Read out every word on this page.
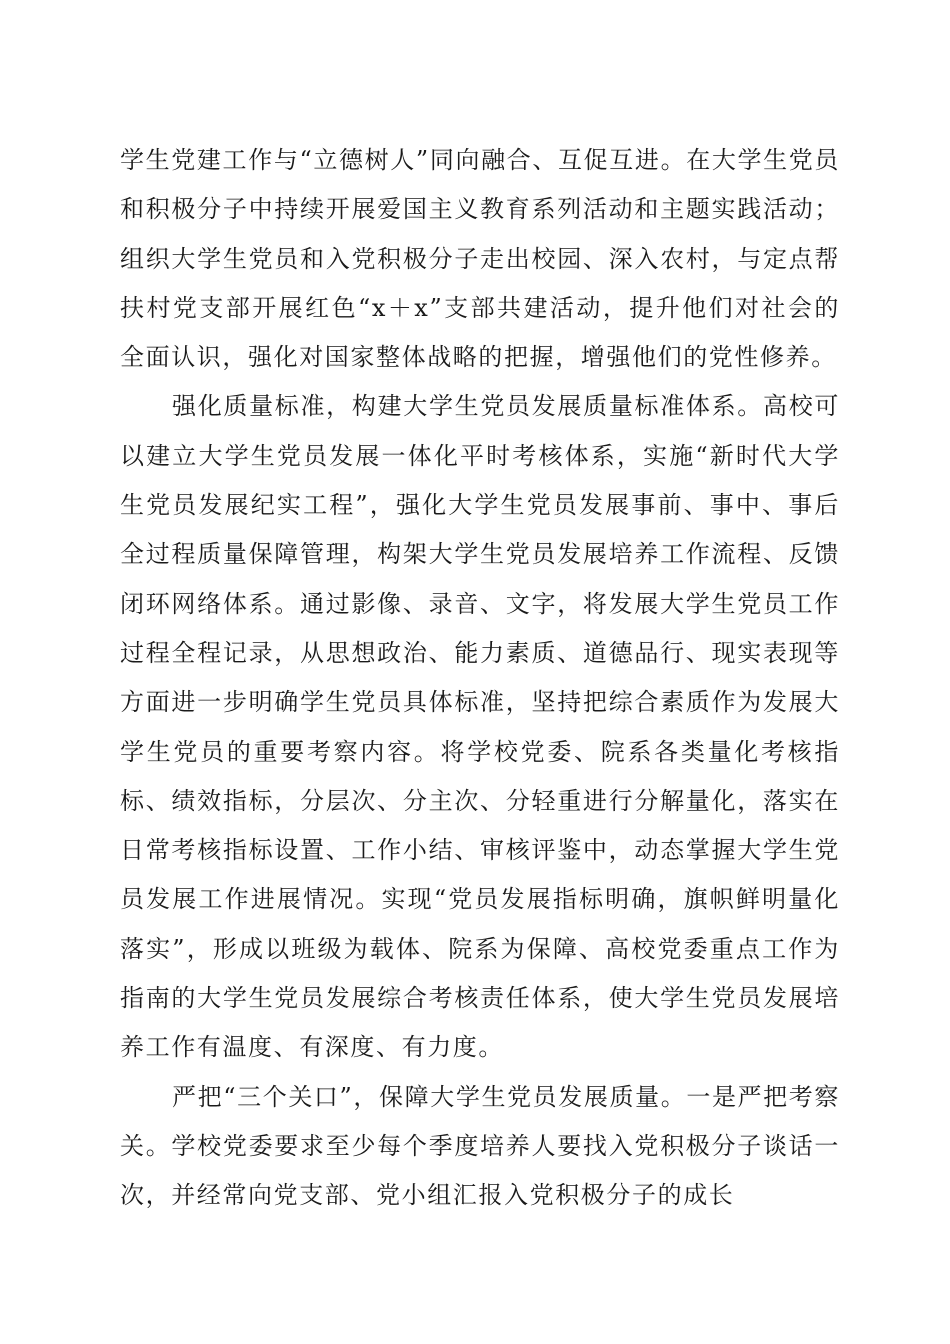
学生党建工作与“立德树人”同向融合、互促互进。在大学生党员和积极分子中持续开展爱国主义教育系列活动和主题实践活动；组织大学生党员和入党积极分子走出校园、深入农村，与定点帮扶村党支部开展红色“x＋x”支部共建活动，提升他们对社会的全面认识，强化对国家整体战略的把握，增强他们的党性修养。

强化质量标准，构建大学生党员发展质量标准体系。高校可以建立大学生党员发展一体化平时考核体系，实施“新时代大学生党员发展纪实工程”，强化大学生党员发展事前、事中、事后全过程质量保障管理，构架大学生党员发展培养工作流程、反馈闭环网络体系。通过影像、录音、文字，将发展大学生党员工作过程全程记录，从思想政治、能力素质、道德品行、现实表现等方面进一步明确学生党员具体标准，坚持把综合素质作为发展大学生党员的重要考察内容。将学校党委、院系各类量化考核指标、绩效指标，分层次、分主次、分轻重进行分解量化，落实在日常考核指标设置、工作小结、审核评鉴中，动态掌握大学生党员发展工作进展情况。实现“党员发展指标明确，旗帜鲜明量化落实”，形成以班级为载体、院系为保障、高校党委重点工作为指南的大学生党员发展综合考核责任体系，使大学生党员发展培养工作有温度、有深度、有力度。

严把“三个关口”，保障大学生党员发展质量。一是严把考察关。学校党委要求至少每个季度培养人要找入党积极分子谈话一次，并经常向党支部、党小组汇报入党积极分子的成长
